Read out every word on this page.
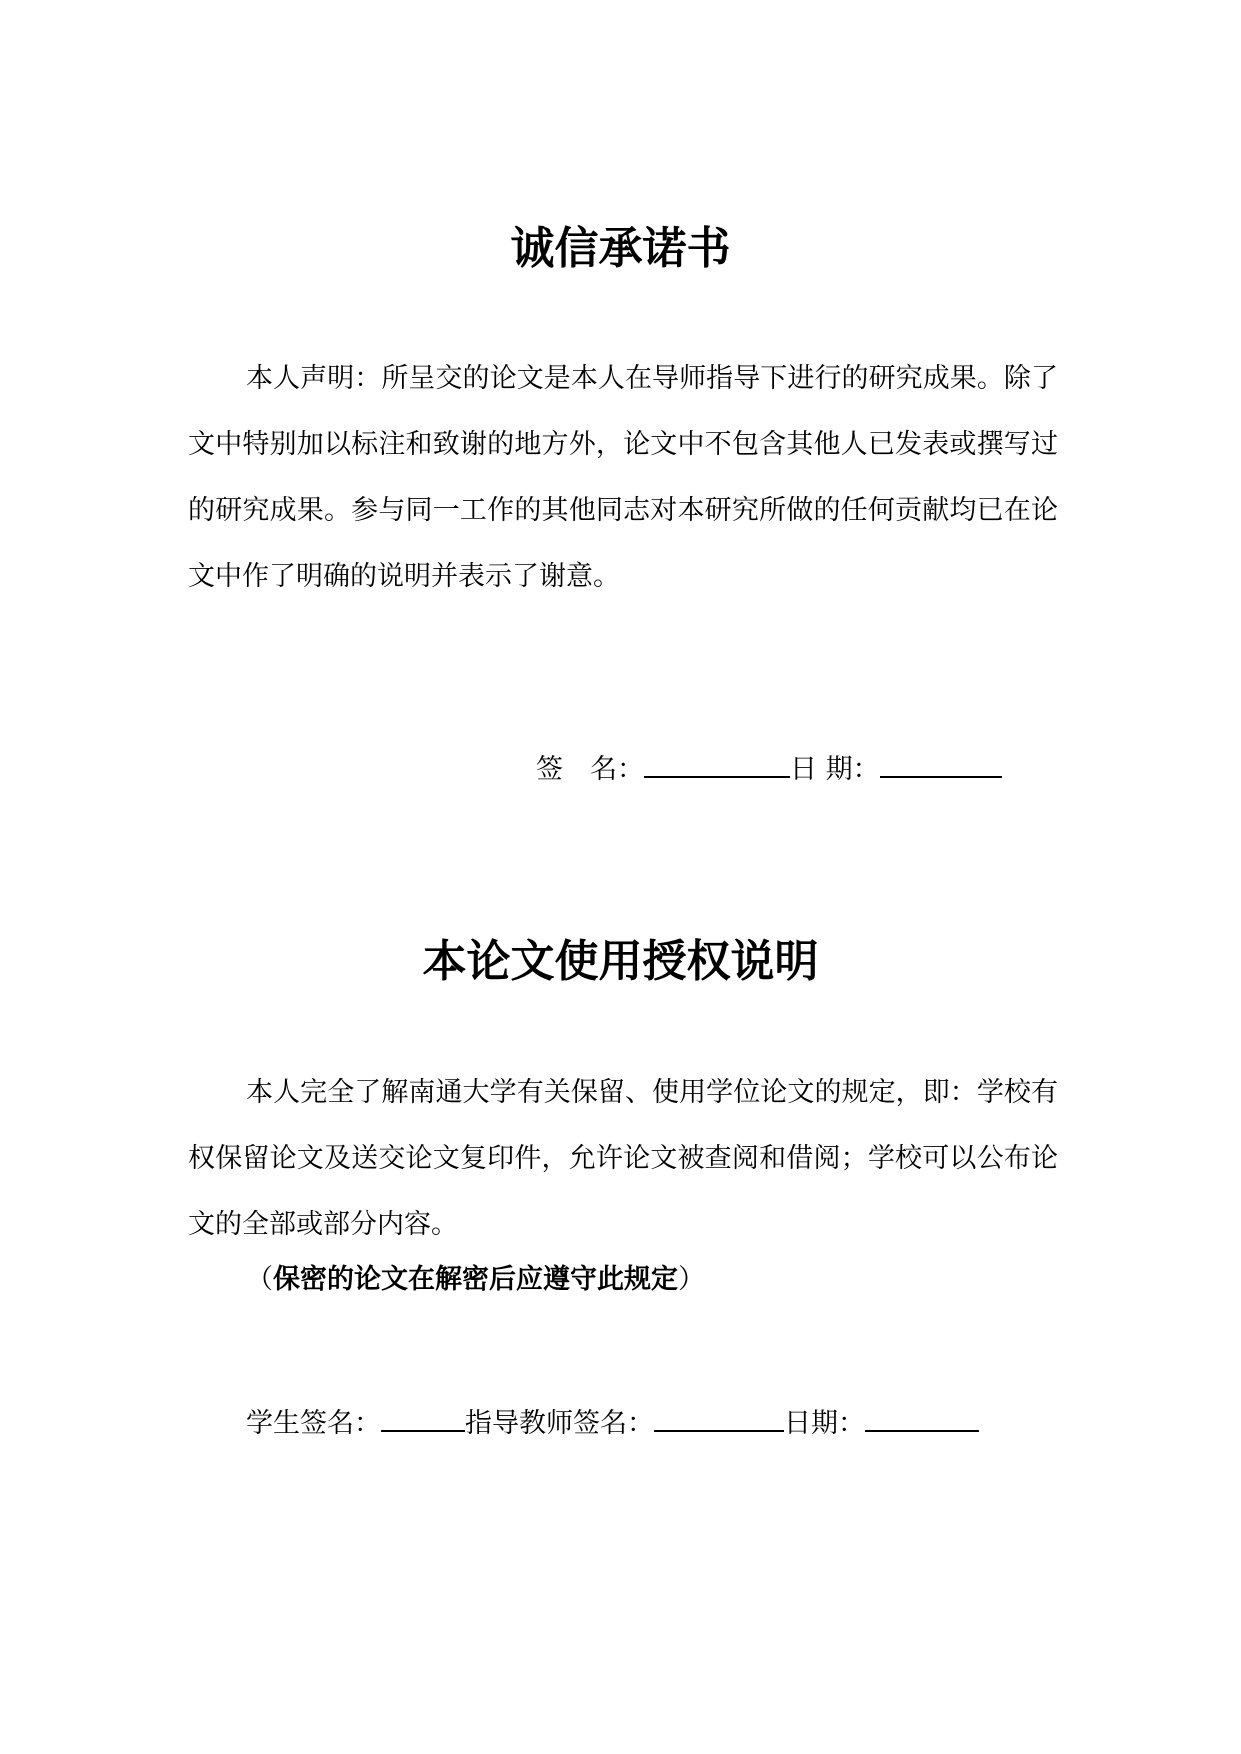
诚信承诺书

本人声明：所呈交的论文是本人在导师指导下进行的研究成果。除了文中特别加以标注和致谢的地方外，论文中不包含其他人已发表或撰写过的研究成果。参与同一工作的其他同志对本研究所做的任何贡献均已在论文中作了明确的说明并表示了谢意。

签　名：	日 期：
本论文使用授权说明

本人完全了解南通大学有关保留、使用学位论文的规定，即：学校有权保留论文及送交论文复印件，允许论文被查阅和借阅；学校可以公布论文的全部或部分内容。

（保密的论文在解密后应遵守此规定）

学生签名：	指导教师签名：	日期：
